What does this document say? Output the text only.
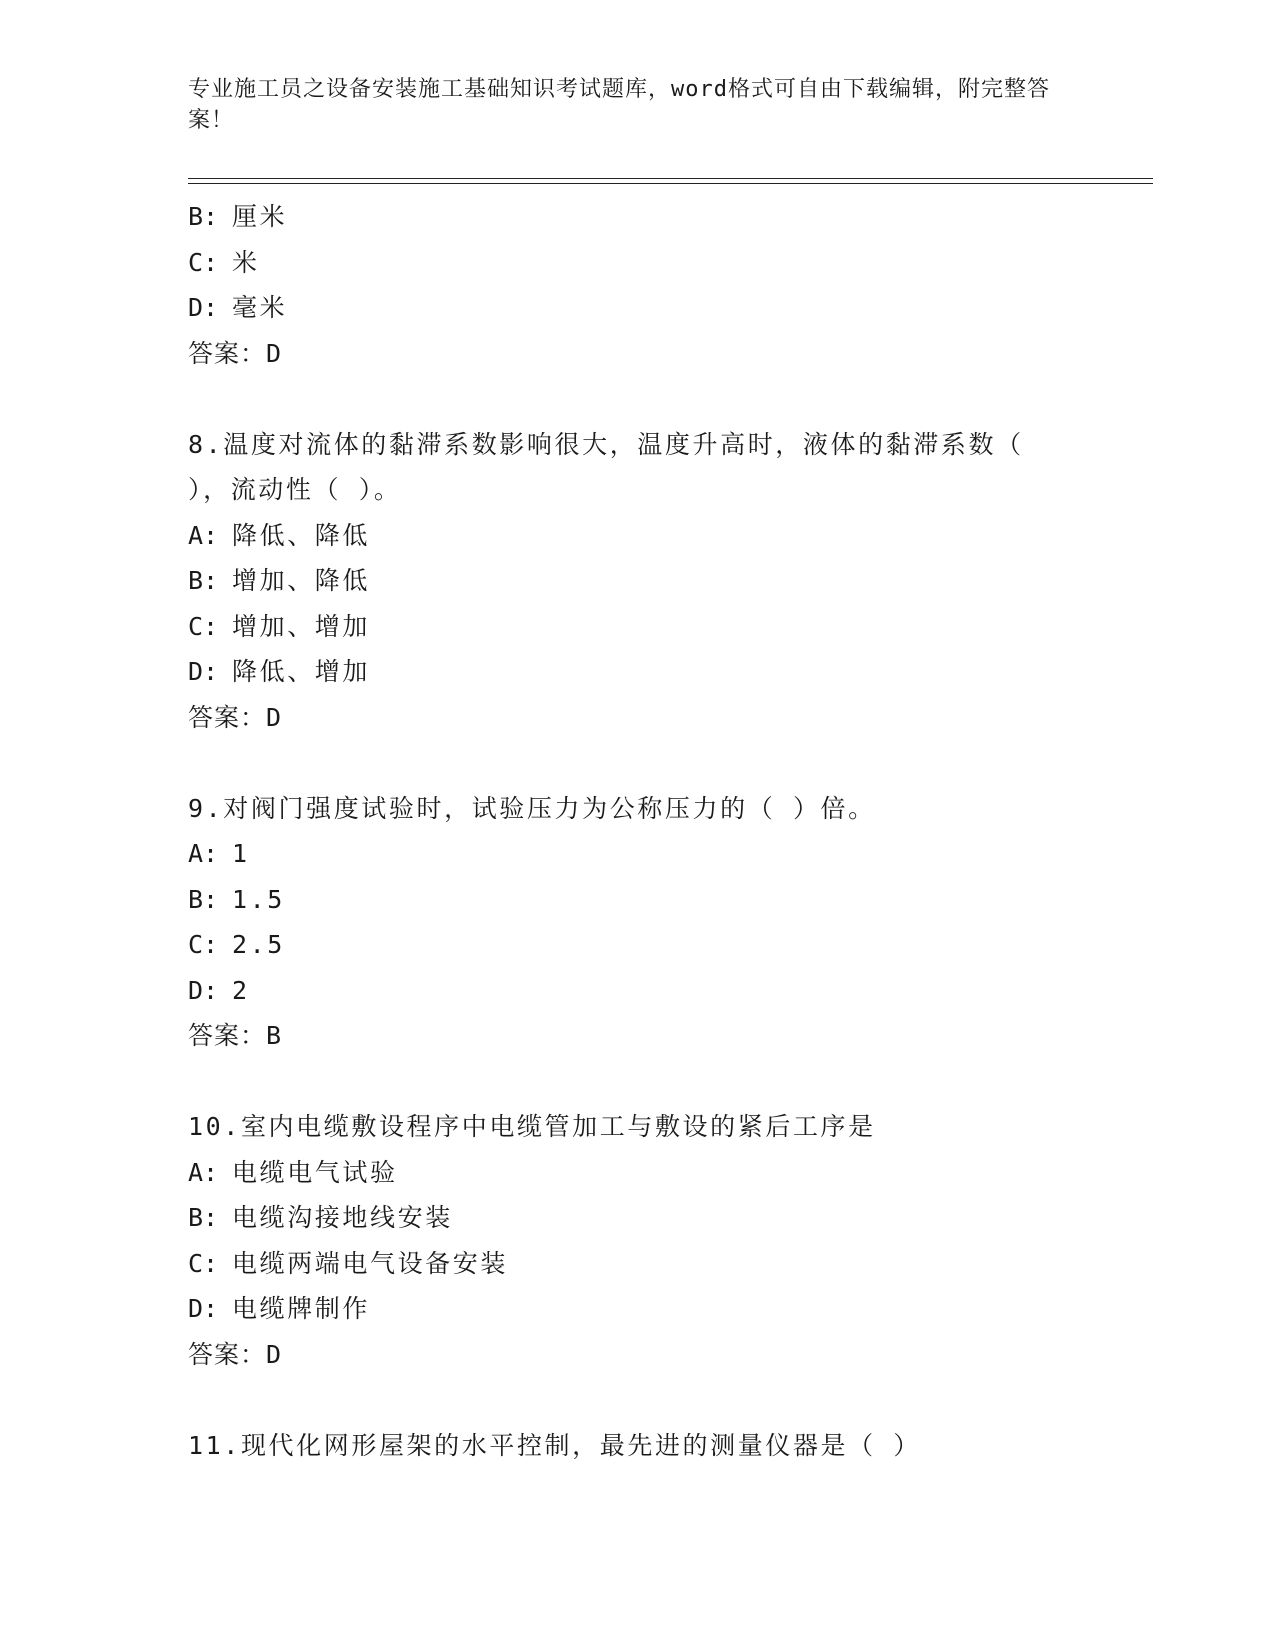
专业施工员之设备安装施工基础知识考试题库，word格式可自由下载编辑，附完整答案！
B: 厘米
C: 米
D: 毫米
答案：D
8.温度对流体的黏滞系数影响很大，温度升高时，液体的黏滞系数（ ），流动性（ ）。
A: 降低、降低
B: 增加、降低
C: 增加、增加
D: 降低、增加
答案：D
9.对阀门强度试验时，试验压力为公称压力的（ ）倍。
A: 1
B: 1.5
C: 2.5
D: 2
答案：B
10.室内电缆敷设程序中电缆管加工与敷设的紧后工序是
A: 电缆电气试验
B: 电缆沟接地线安装
C: 电缆两端电气设备安装
D: 电缆牌制作
答案：D
11.现代化网形屋架的水平控制，最先进的测量仪器是（ ）
